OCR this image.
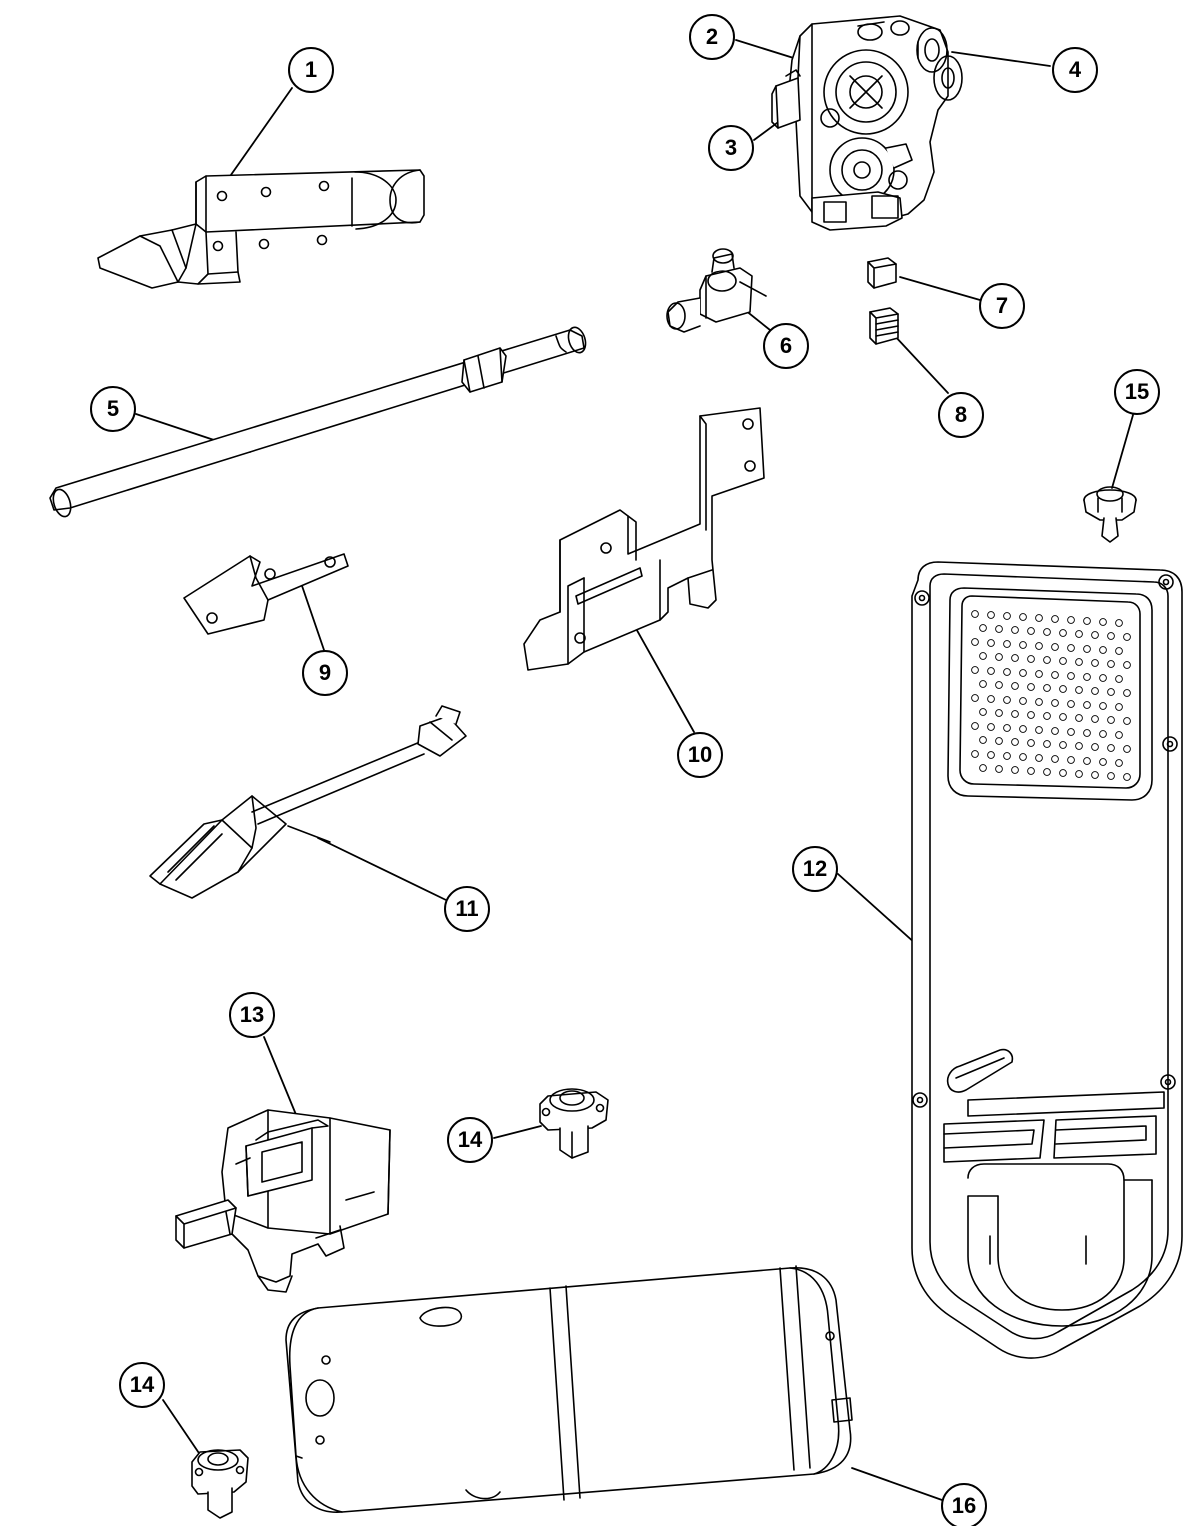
1
2
3
4
5
6
7
8
9
10
11
12
13
14
15
14
16
